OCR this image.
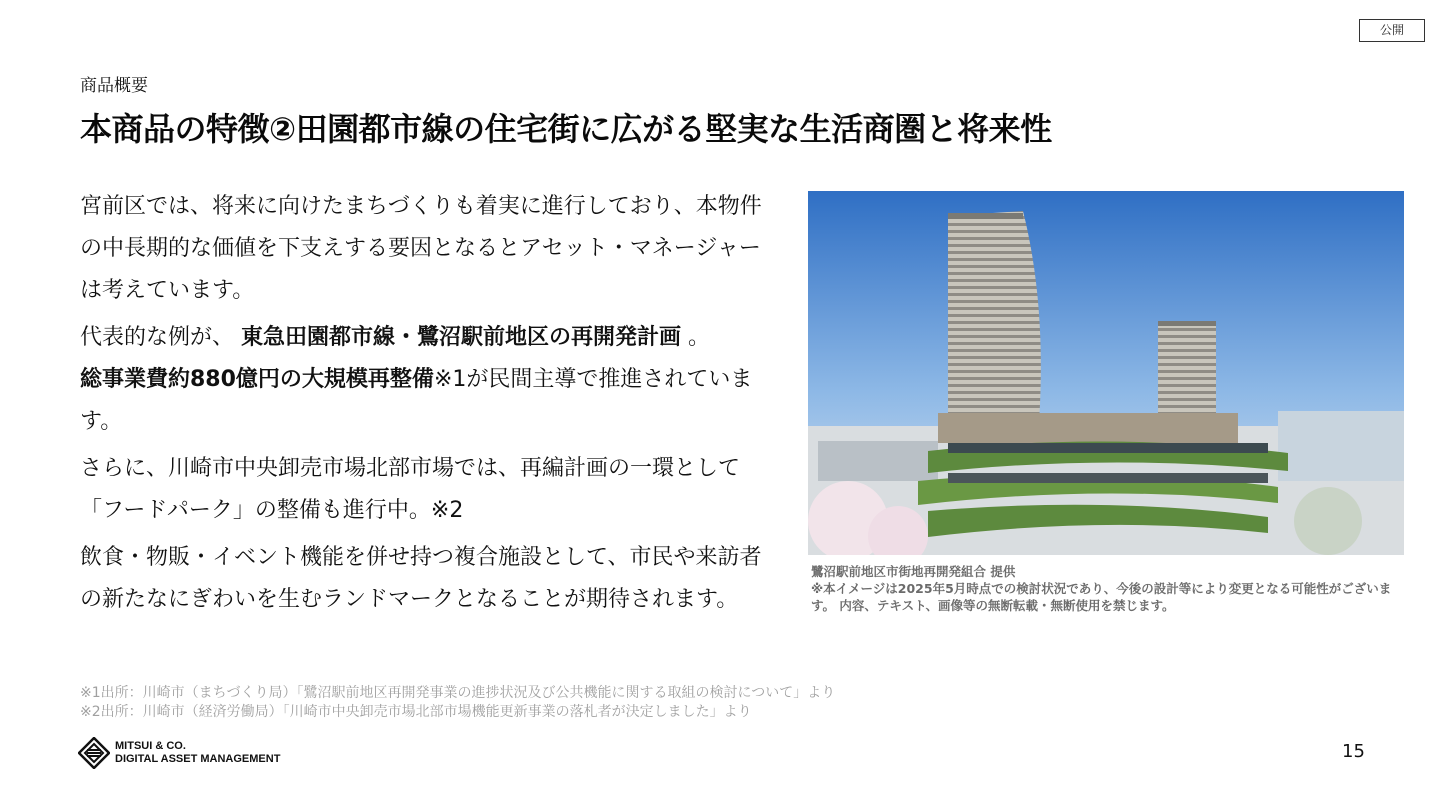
公開
商品概要
本商品の特徴②田園都市線の住宅街に広がる堅実な生活商圏と将来性

宮前区では、将来に向けたまちづくりも着実に進行しており、本物件の中長期的な価値を下支えする要因となるとアセット・マネージャーは考えています。

代表的な例が、 東急田園都市線・鷺沼駅前地区の再開発計画 。
総事業費約880億円の大規模再整備※1が民間主導で推進されています。

さらに、川崎市中央卸売市場北部市場では、再編計画の一環として「フードパーク」の整備も進行中。※2

飲食・物販・イベント機能を併せ持つ複合施設として、市民や来訪者の新たなにぎわいを生むランドマークとなることが期待されます。

※1出所：川崎市（まちづくり局）「鷺沼駅前地区再開発事業の進捗状況及び公共機能に関する取組の検討について」より
※2出所：川崎市（経済労働局）「川崎市中央卸売市場北部市場機能更新事業の落札者が決定しました」より
鷺沼駅前地区市街地再開発組合 提供
※本イメージは2025年5月時点での検討状況であり、今後の設計等により変更となる可能性がございます。 内容、テキスト、画像等の無断転載・無断使用を禁じます。
MITSUI & CO.
DIGITAL ASSET MANAGEMENT	15
